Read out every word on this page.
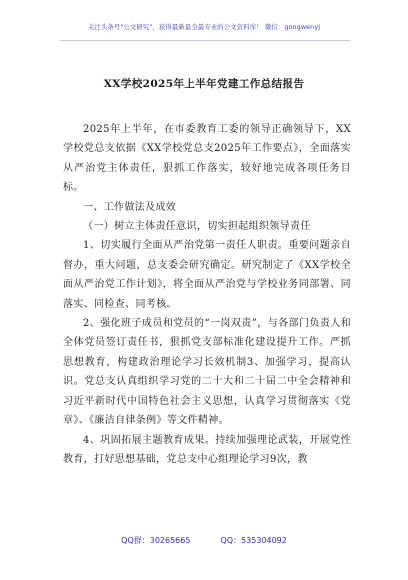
关注头条号"公文研究"，获得最新最全最专业的公文资料库！ 微信：gongwenyj
XX学校2025年上半年党建工作总结报告

2025年上半年，在市委教育工委的领导正确领导下，XX学校党总支依据《XX学校党总支2025年工作要点》，全面落实从严治党主体责任，狠抓工作落实，较好地完成各项任务目标。

一、工作做法及成效

（一）树立主体责任意识，切实担起组织领导责任

1、切实履行全面从严治党第一责任人职责。重要问题亲自督办，重大问题，总支委会研究确定。研究制定了《XX学校全面从严治党工作计划》，将全面从严治党与学校业务同部署、同落实、同检查、同考核。

2、强化班子成员和党员的“一岗双责”，与各部门负责人和全体党员签订责任书，狠抓党支部标准化建设提升工作。严抓思想教育，构建政治理论学习长效机制3、加强学习，提高认识。党总支认真组织学习党的二十大和二十届二中全会精神和习近平新时代中国特色社会主义思想，认真学习贯彻落实《党章》、《廉洁自律条例》等文件精神。

4、巩固拓展主题教育成果。持续加强理论武装，开展党性教育，打好思想基础，党总支中心组理论学习9次，教

QQ群：30265665	QQ：535304092
